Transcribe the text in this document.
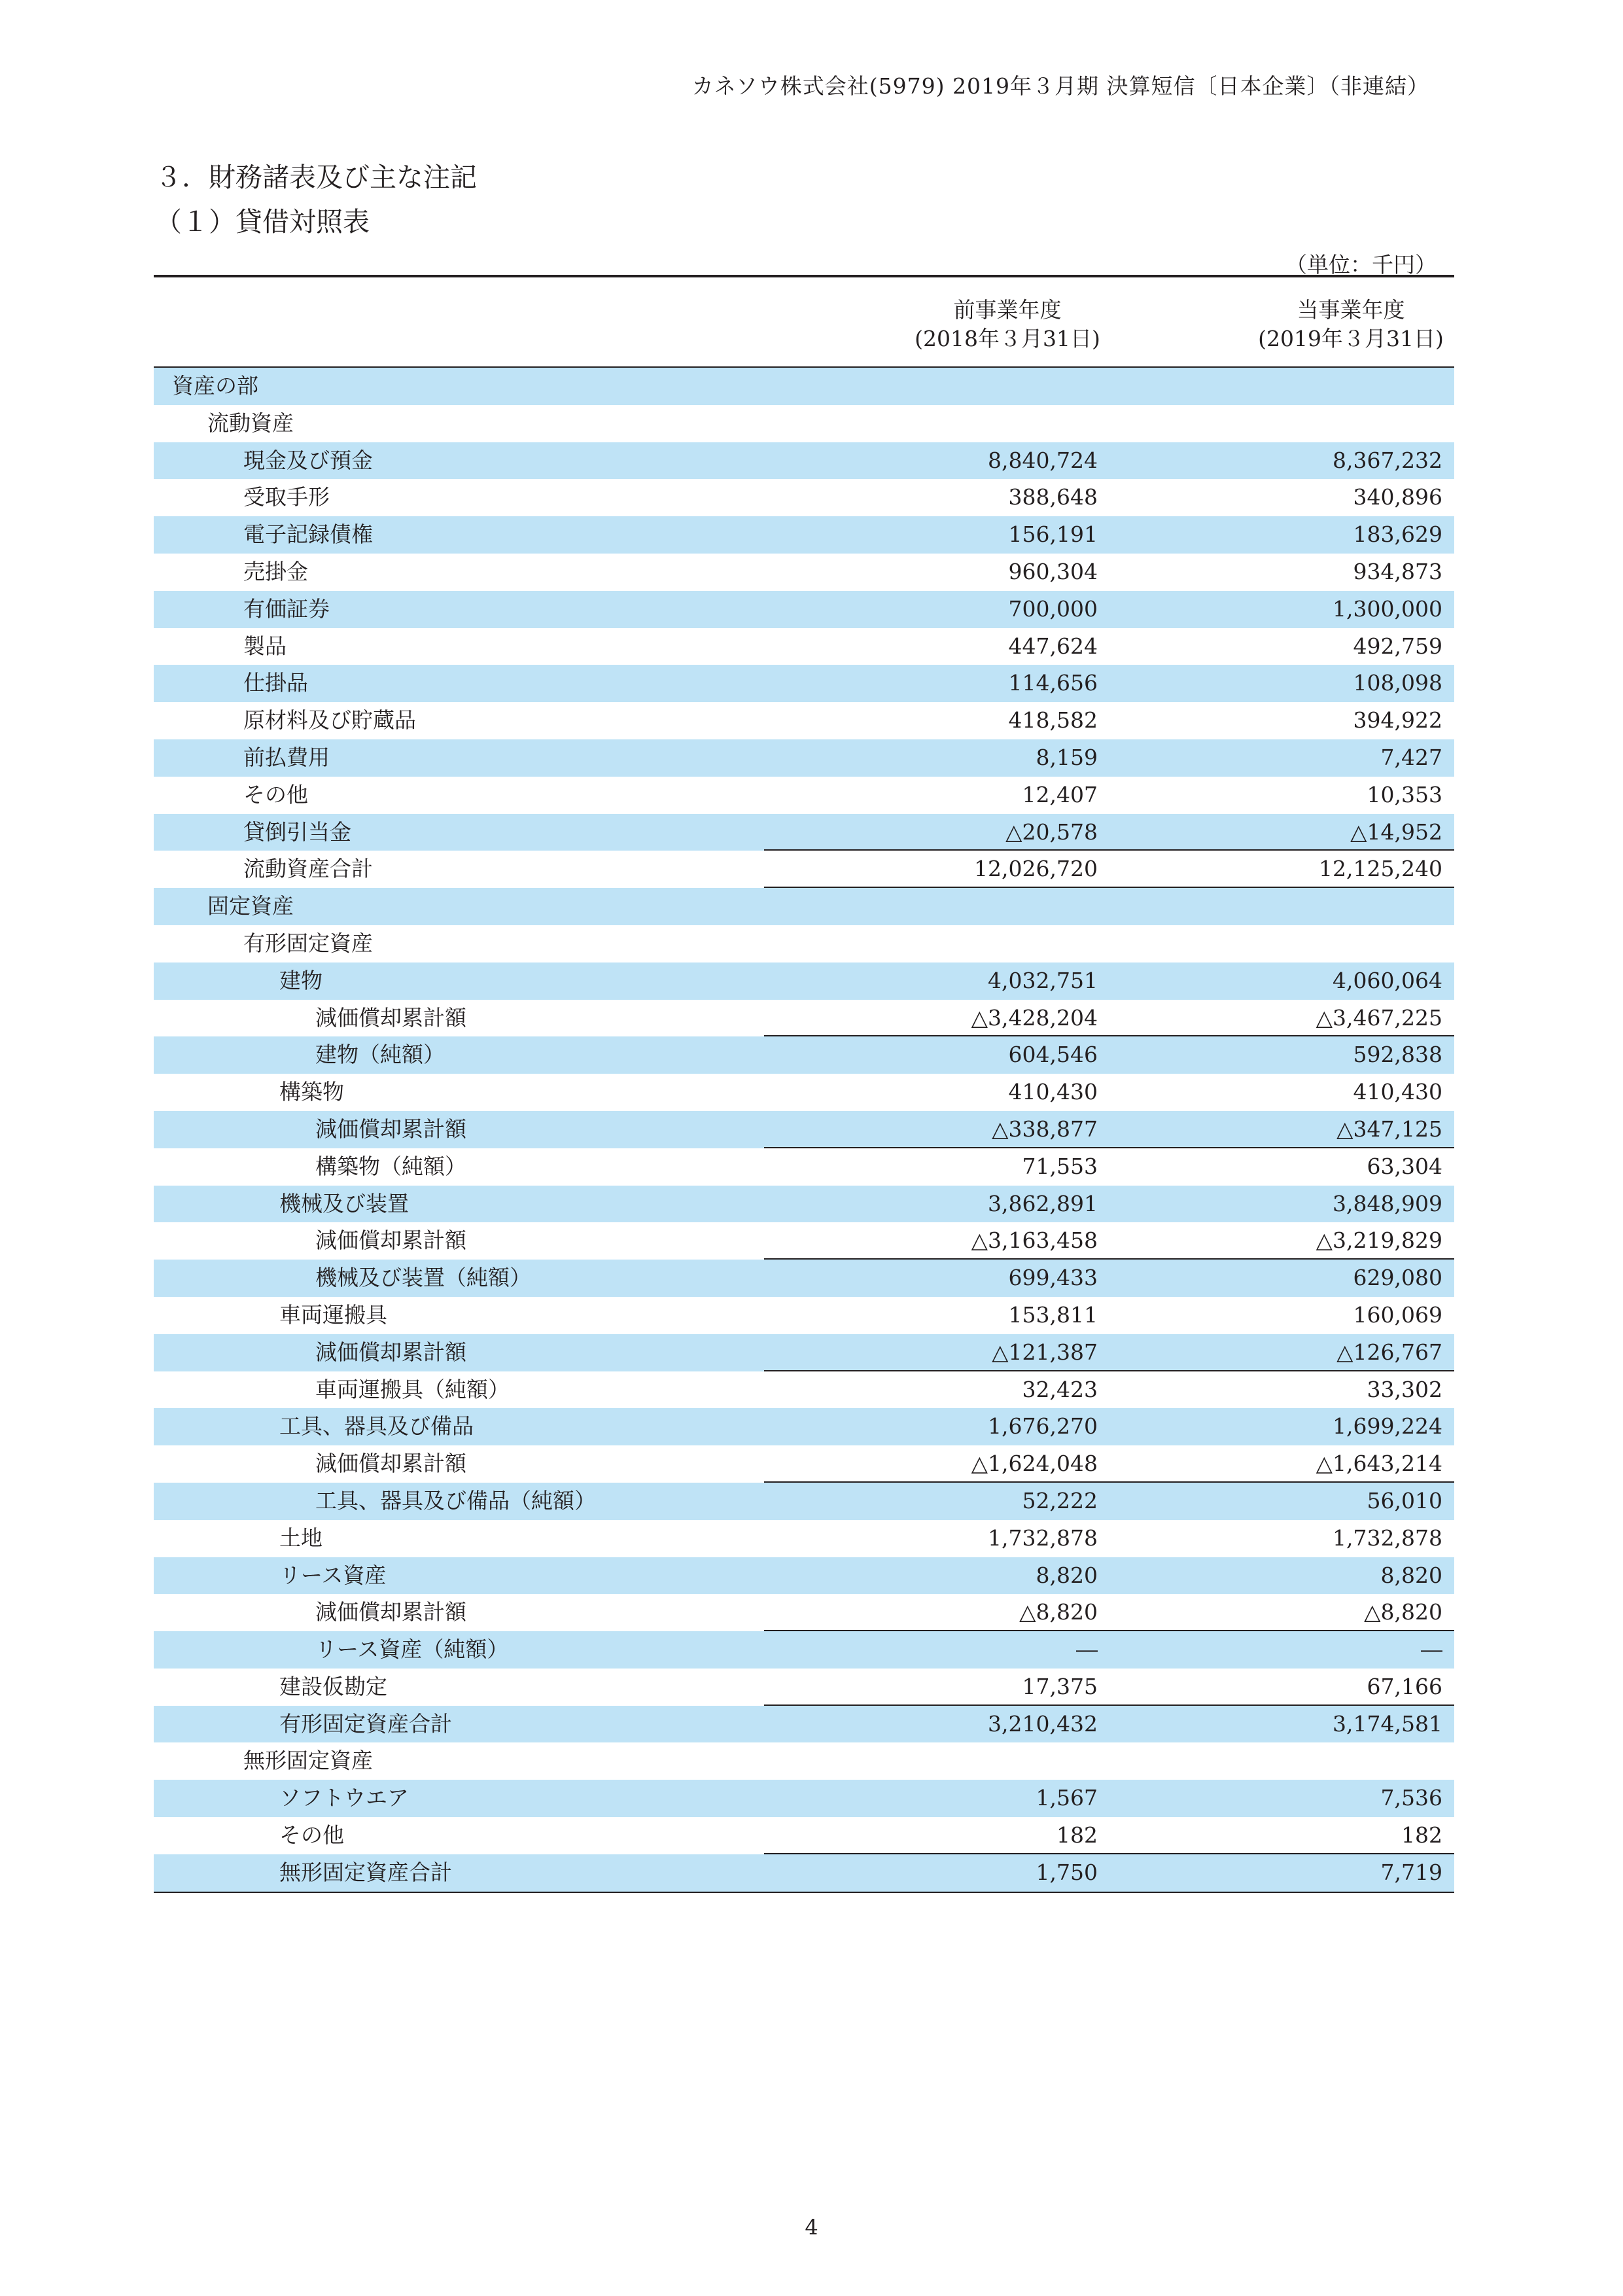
カネソウ株式会社(5979) 2019年３月期 決算短信〔日本企業〕（非連結）
３．財務諸表及び主な注記
（１）貸借対照表
（単位：千円）
前事業年度
(2018年３月31日)
当事業年度
(2019年３月31日)
資産の部
流動資産
現金及び預金	8,840,724	8,367,232
受取手形	388,648	340,896
電子記録債権	156,191	183,629
売掛金	960,304	934,873
有価証券	700,000	1,300,000
製品	447,624	492,759
仕掛品	114,656	108,098
原材料及び貯蔵品	418,582	394,922
前払費用	8,159	7,427
その他	12,407	10,353
貸倒引当金	△20,578	△14,952
流動資産合計	12,026,720	12,125,240
固定資産
有形固定資産
建物	4,032,751	4,060,064
減価償却累計額	△3,428,204	△3,467,225
建物（純額）	604,546	592,838
構築物	410,430	410,430
減価償却累計額	△338,877	△347,125
構築物（純額）	71,553	63,304
機械及び装置	3,862,891	3,848,909
減価償却累計額	△3,163,458	△3,219,829
機械及び装置（純額）	699,433	629,080
車両運搬具	153,811	160,069
減価償却累計額	△121,387	△126,767
車両運搬具（純額）	32,423	33,302
工具、器具及び備品	1,676,270	1,699,224
減価償却累計額	△1,624,048	△1,643,214
工具、器具及び備品（純額）	52,222	56,010
土地	1,732,878	1,732,878
リース資産	8,820	8,820
減価償却累計額	△8,820	△8,820
リース資産（純額）	―	―
建設仮勘定	17,375	67,166
有形固定資産合計	3,210,432	3,174,581
無形固定資産
ソフトウエア	1,567	7,536
その他	182	182
無形固定資産合計	1,750	7,719
4
